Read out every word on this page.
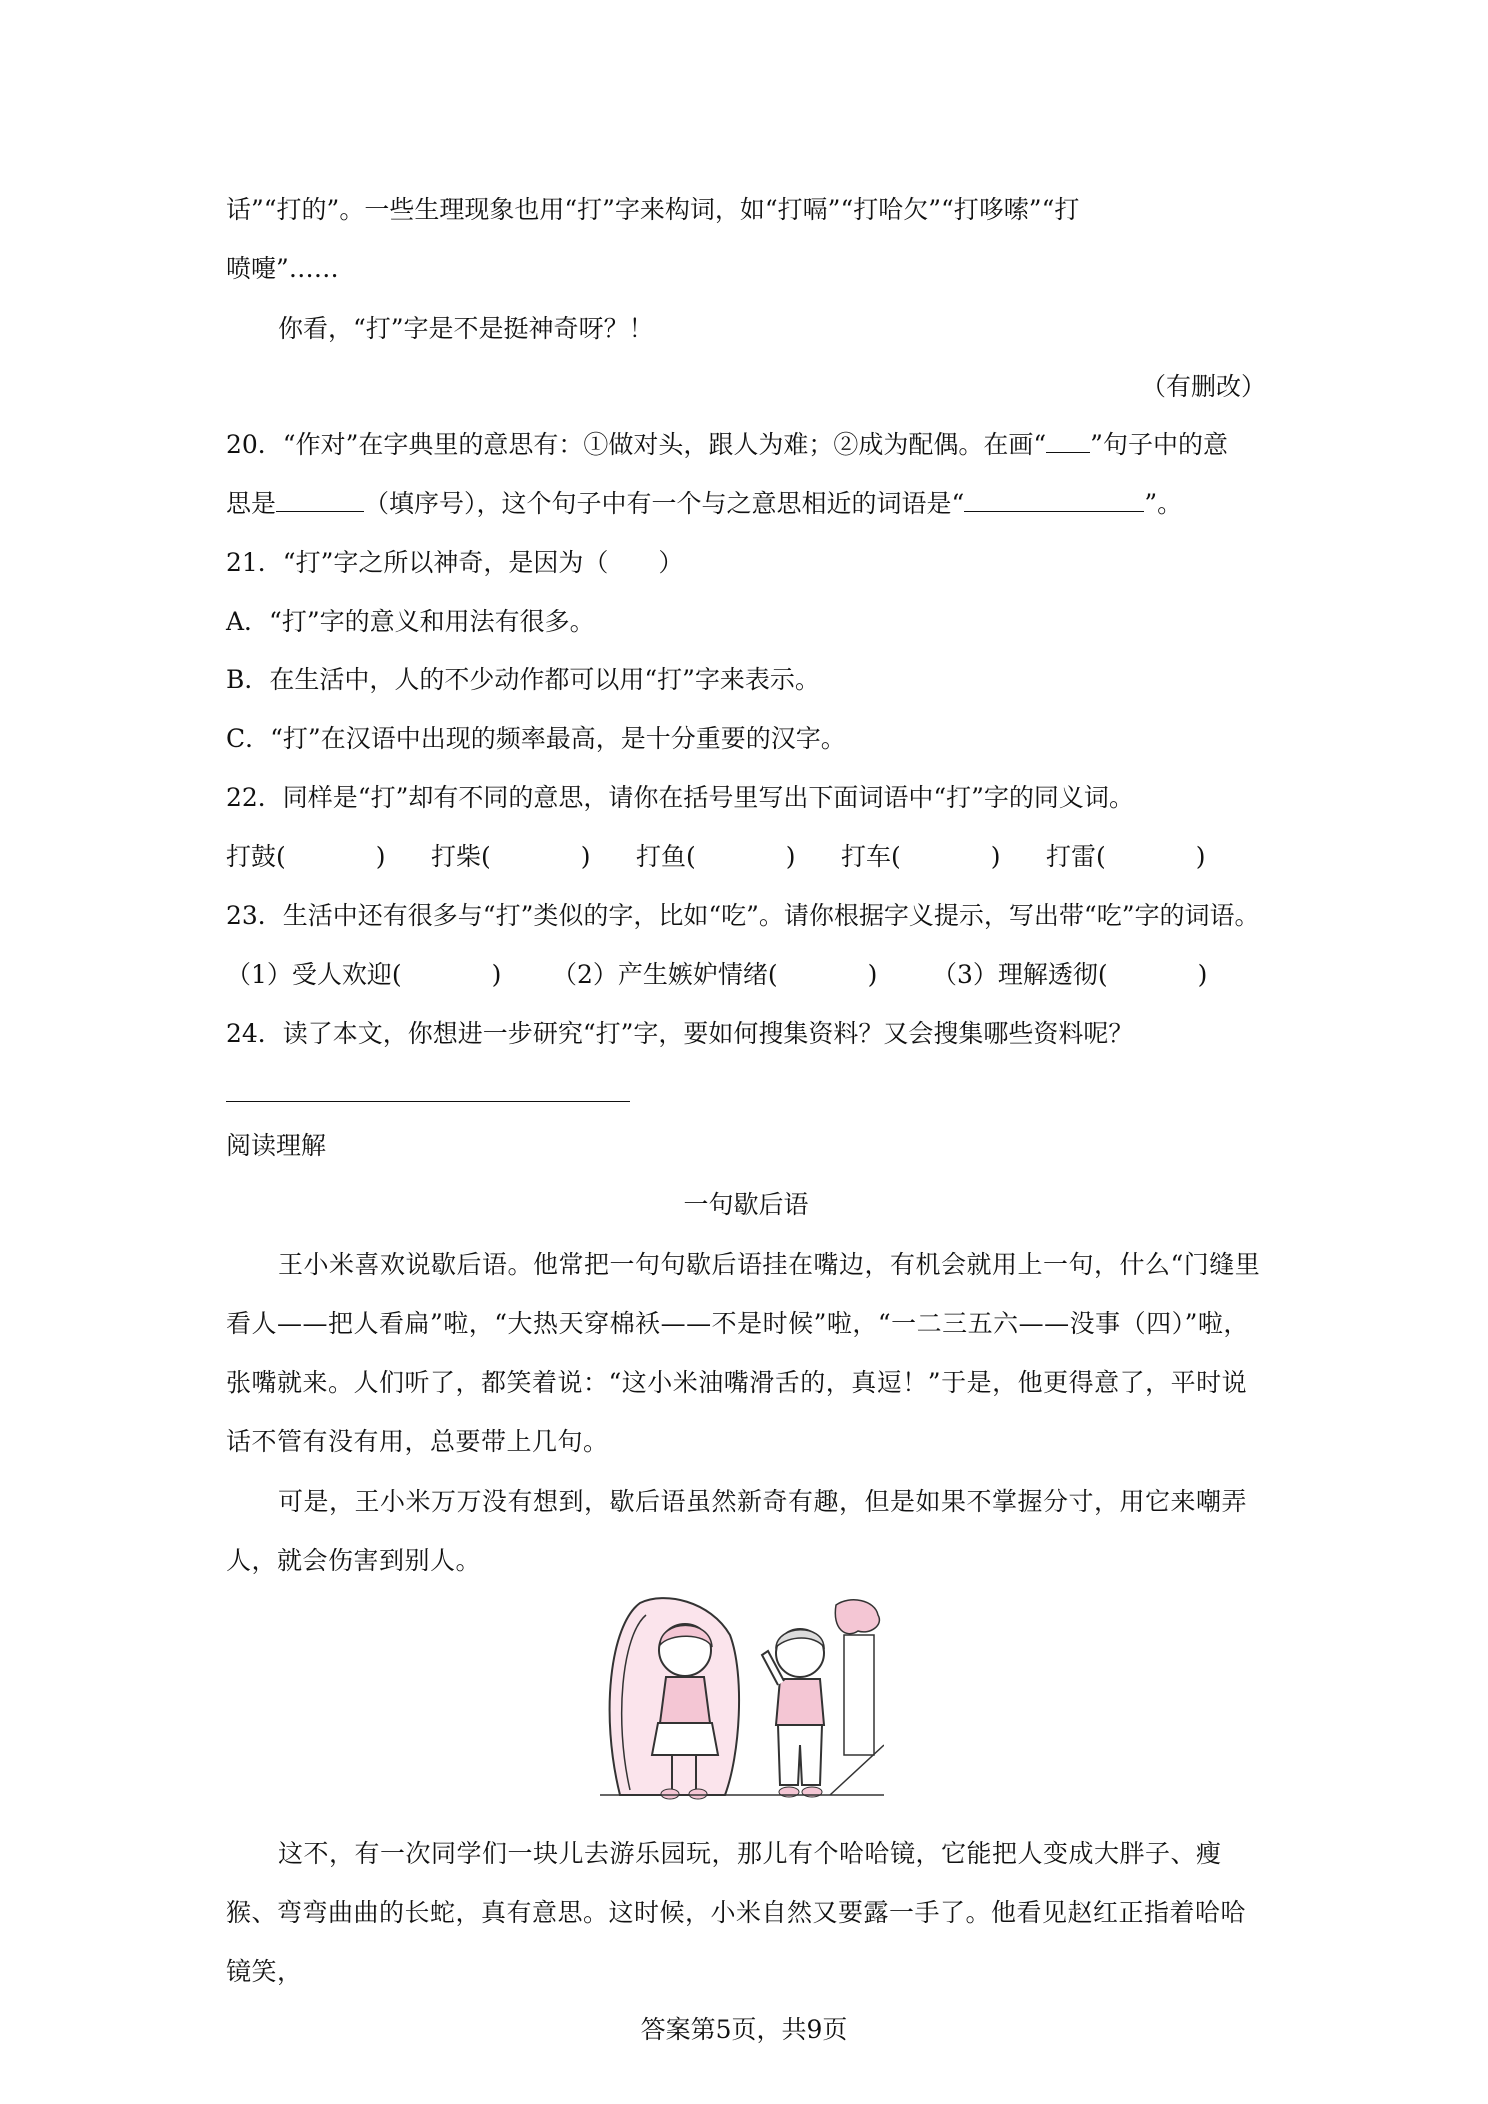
话”“打的”。一些生理现象也用“打”字来构词，如“打嗝”“打哈欠”“打哆嗦”“打
喷嚏”……
你看，“打”字是不是挺神奇呀？！
（有删改）
20．“作对”在字典里的意思有：①做对头，跟人为难；②成为配偶。在画“ ”句子中的意
思是	（填序号），这个句子中有一个与之意思相近的词语是“	”。
21．“打”字之所以神奇，是因为（　　）
A．“打”字的意义和用法有很多。
B．在生活中，人的不少动作都可以用“打”字来表示。
C．“打”在汉语中出现的频率最高，是十分重要的汉字。
22．同样是“打”却有不同的意思，请你在括号里写出下面词语中“打”字的同义词。
打鼓(	) 打柴(	) 打鱼(	) 打车(	) 打雷(	)
23．生活中还有很多与“打”类似的字，比如“吃”。请你根据字义提示，写出带“吃”字的词语。
（1）受人欢迎(	) （2）产生嫉妒情绪(	) （3）理解透彻(	)
24．读了本文，你想进一步研究“打”字，要如何搜集资料？又会搜集哪些资料呢？
阅读理解
一句歇后语

王小米喜欢说歇后语。他常把一句句歇后语挂在嘴边，有机会就用上一句，什么“门缝里看人——把人看扁”啦，“大热天穿棉袄——不是时候”啦，“一二三五六——没事（四）”啦，张嘴就来。人们听了，都笑着说：“这小米油嘴滑舌的，真逗！”于是，他更得意了，平时说话不管有没有用，总要带上几句。

可是，王小米万万没有想到，歇后语虽然新奇有趣，但是如果不掌握分寸，用它来嘲弄人，就会伤害到别人。

这不，有一次同学们一块儿去游乐园玩，那儿有个哈哈镜，它能把人变成大胖子、瘦猴、弯弯曲曲的长蛇，真有意思。这时候，小米自然又要露一手了。他看见赵红正指着哈哈镜笑，

答案第5页，共9页
